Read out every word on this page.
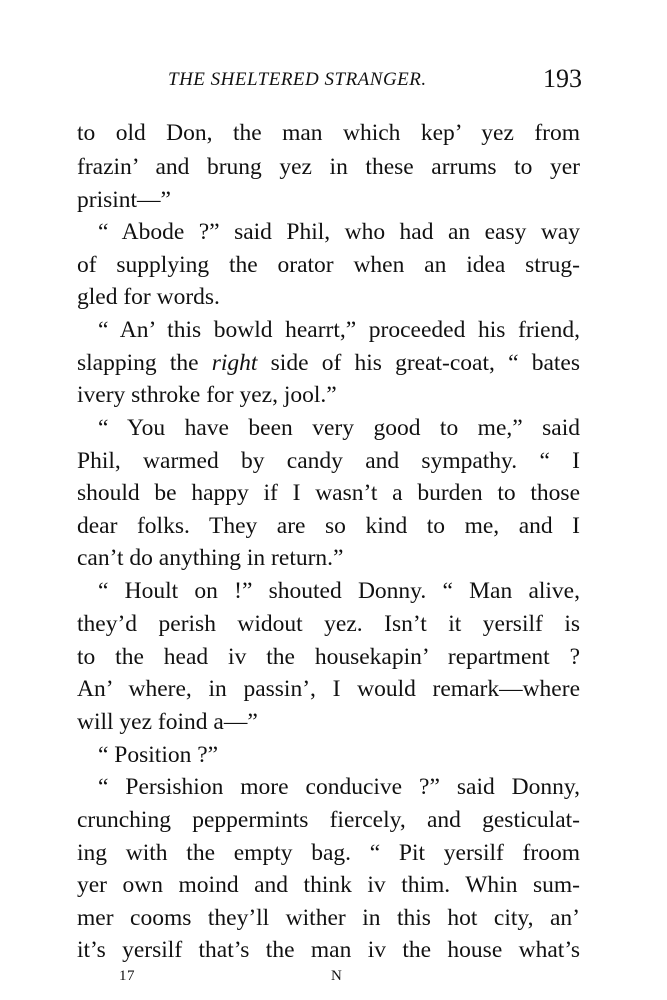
THE SHELTERED STRANGER.	193
to old Don, the man which kep’ yez from
frazin’ and brung yez in these arrums to yer
prisint—”
“ Abode ?” said Phil, who had an easy way
of supplying the orator when an idea strug-
gled for words.
“ An’ this bowld hearrt,” proceeded his friend,
slapping the right side of his great-coat, “ bates
ivery sthroke for yez, jool.”
“ You have been very good to me,” said
Phil, warmed by candy and sympathy. “ I
should be happy if I wasn’t a burden to those
dear folks. They are so kind to me, and I
can’t do anything in return.”
“ Hoult on !” shouted Donny. “ Man alive,
they’d perish widout yez. Isn’t it yersilf is
to the head iv the housekapin’ repartment ?
An’ where, in passin’, I would remark—where
will yez foind a—”
“ Position ?”
“ Persishion more conducive ?” said Donny,
crunching peppermints fiercely, and gesticulat-
ing with the empty bag. “ Pit yersilf froom
yer own moind and think iv thim. Whin sum-
mer cooms they’ll wither in this hot city, an’
it’s yersilf that’s the man iv the house what’s
17	N
